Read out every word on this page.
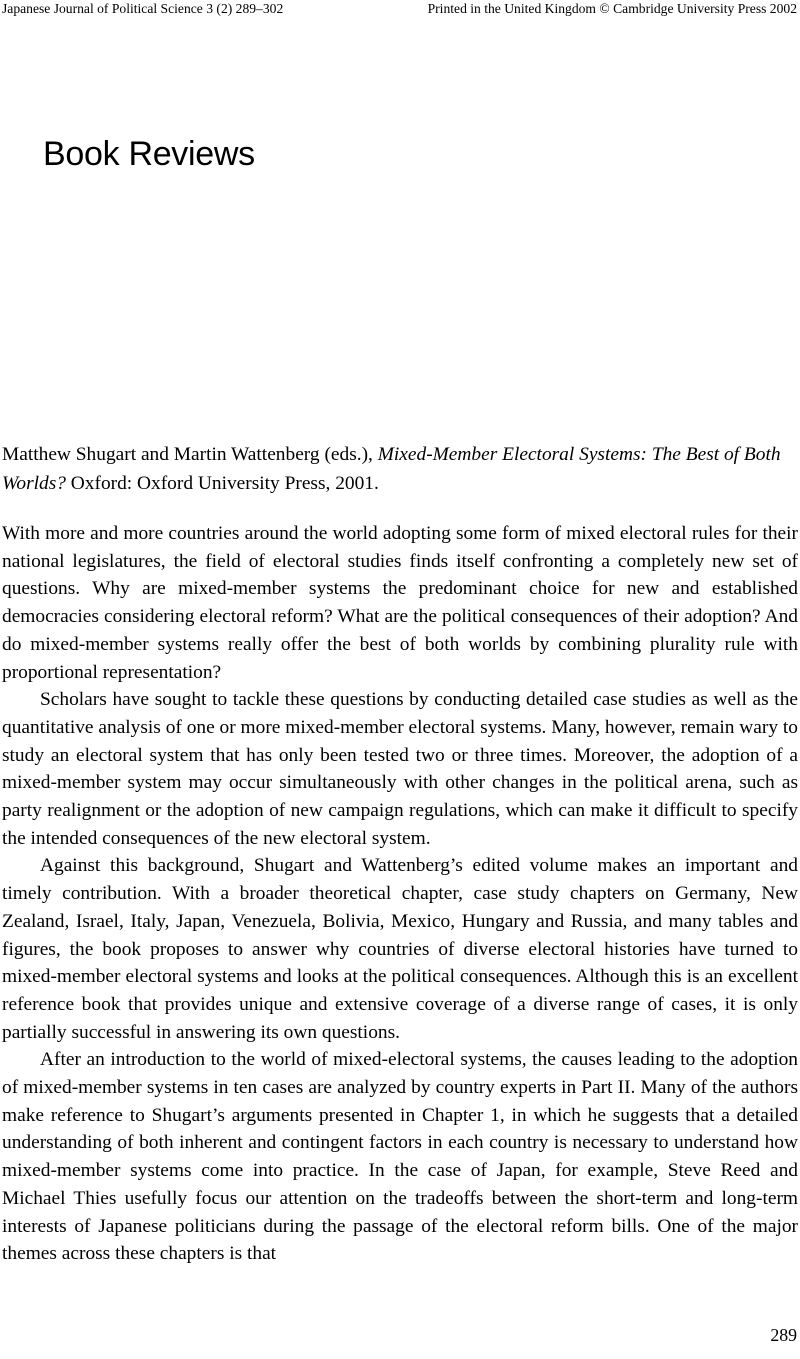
Japanese Journal of Political Science 3 (2) 289–302	Printed in the United Kingdom © Cambridge University Press 2002
Book Reviews

Matthew Shugart and Martin Wattenberg (eds.), Mixed-Member Electoral Systems: The Best of Both Worlds? Oxford: Oxford University Press, 2001.

With more and more countries around the world adopting some form of mixed electoral rules for their national legislatures, the field of electoral studies finds itself confronting a completely new set of questions. Why are mixed-member systems the predominant choice for new and established democracies considering electoral reform? What are the political consequences of their adoption? And do mixed-member systems really offer the best of both worlds by combining plurality rule with proportional representation?

Scholars have sought to tackle these questions by conducting detailed case studies as well as the quantitative analysis of one or more mixed-member electoral systems. Many, however, remain wary to study an electoral system that has only been tested two or three times. Moreover, the adoption of a mixed-member system may occur simultaneously with other changes in the political arena, such as party realignment or the adoption of new campaign regulations, which can make it difficult to specify the intended consequences of the new electoral system.

Against this background, Shugart and Wattenberg’s edited volume makes an important and timely contribution. With a broader theoretical chapter, case study chapters on Germany, New Zealand, Israel, Italy, Japan, Venezuela, Bolivia, Mexico, Hungary and Russia, and many tables and figures, the book proposes to answer why countries of diverse electoral histories have turned to mixed-member electoral systems and looks at the political consequences. Although this is an excellent reference book that provides unique and extensive coverage of a diverse range of cases, it is only partially successful in answering its own questions.

After an introduction to the world of mixed-electoral systems, the causes leading to the adoption of mixed-member systems in ten cases are analyzed by country experts in Part II. Many of the authors make reference to Shugart’s arguments presented in Chapter 1, in which he suggests that a detailed understanding of both inherent and contingent factors in each country is necessary to understand how mixed-member systems come into practice. In the case of Japan, for example, Steve Reed and Michael Thies usefully focus our attention on the tradeoffs between the short-term and long-term interests of Japanese politicians during the passage of the electoral reform bills. One of the major themes across these chapters is that

289
